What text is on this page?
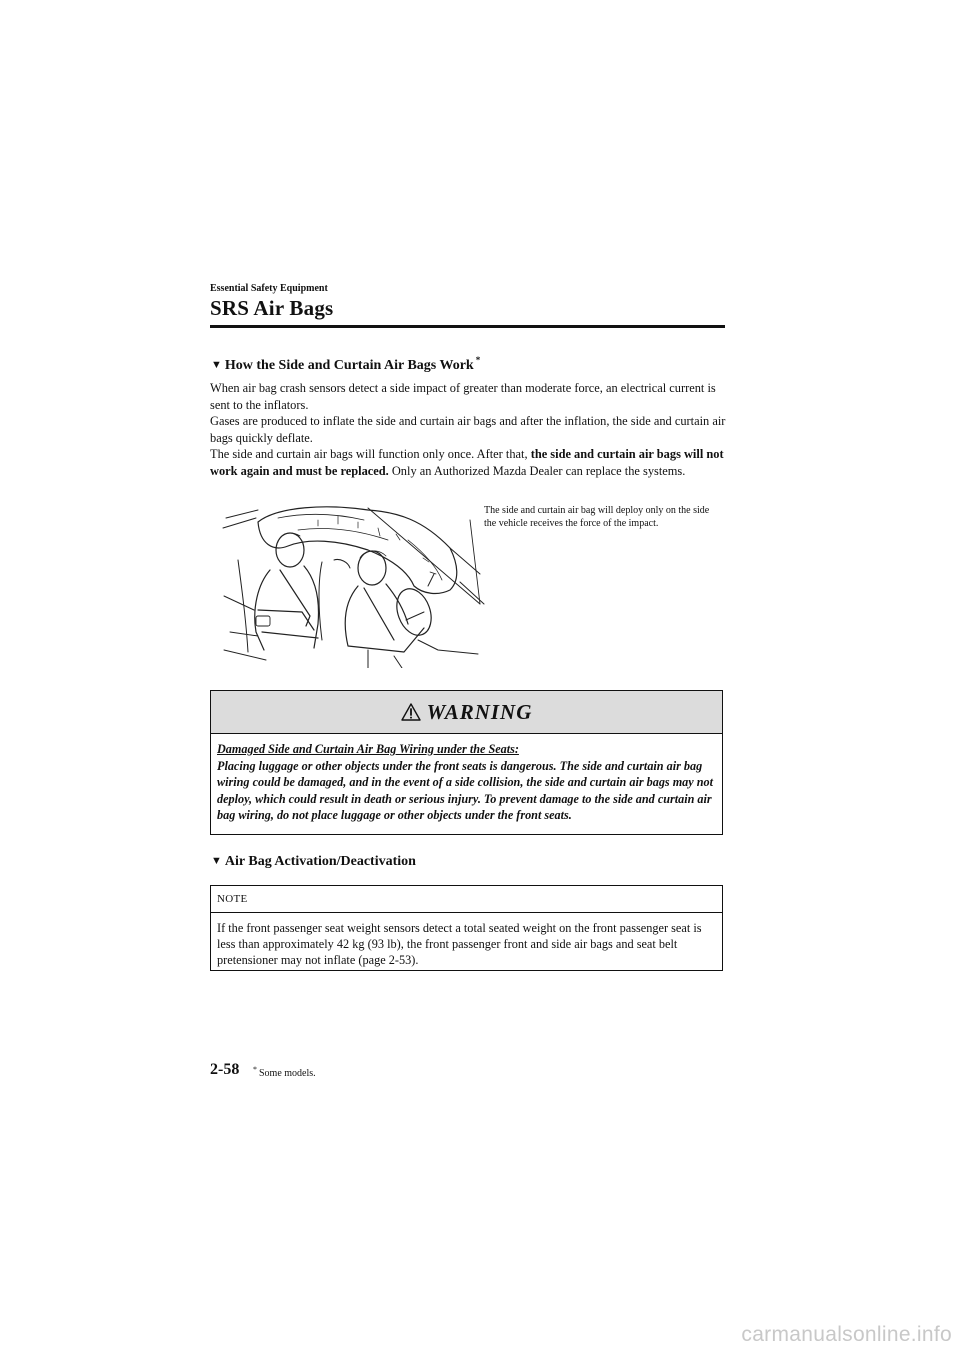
Essential Safety Equipment
SRS Air Bags
▼ How the Side and Curtain Air Bags Work *

When air bag crash sensors detect a side impact of greater than moderate force, an electrical current is sent to the inflators.

Gases are produced to inflate the side and curtain air bags and after the inflation, the side and curtain air bags quickly deflate.

The side and curtain air bags will function only once. After that, the side and curtain air bags will not work again and must be replaced. Only an Authorized Mazda Dealer can replace the systems.

The side and curtain air bag will deploy only on the side the vehicle receives the force of the impact.
WARNING
Damaged Side and Curtain Air Bag Wiring under the Seats:
Placing luggage or other objects under the front seats is dangerous. The side and curtain air bag wiring could be damaged, and in the event of a side collision, the side and curtain air bags may not deploy, which could result in death or serious injury. To prevent damage to the side and curtain air bag wiring, do not place luggage or other objects under the front seats.
▼ Air Bag Activation/Deactivation
NOTE
If the front passenger seat weight sensors detect a total seated weight on the front passenger seat is less than approximately 42 kg (93 lb), the front passenger front and side air bags and seat belt pretensioner may not inflate (page 2-53).
2-58 * Some models.
carmanualsonline.info
